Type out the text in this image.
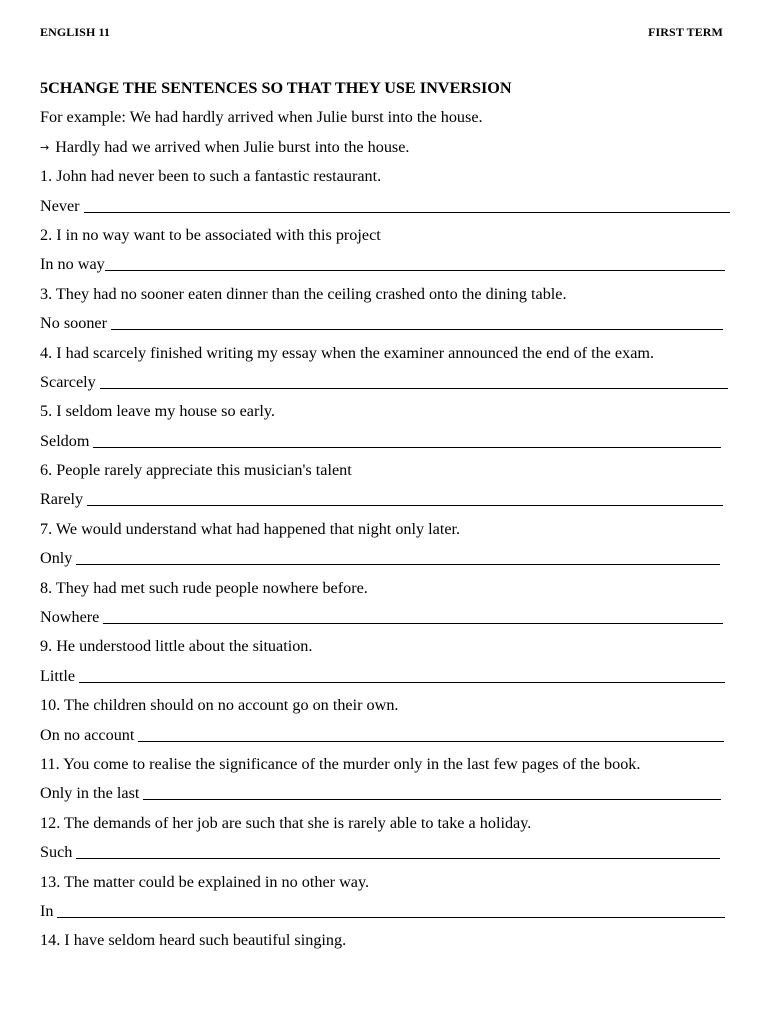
ENGLISH 11	FIRST TERM
5CHANGE THE SENTENCES SO THAT THEY USE INVERSION
For example: We had hardly arrived when Julie burst into the house.
→ Hardly had we arrived when Julie burst into the house.
1. John had never been to such a fantastic restaurant.
Never
2. I in no way want to be associated with this project
In no way
3. They had no sooner eaten dinner than the ceiling crashed onto the dining table.
No sooner
4. I had scarcely finished writing my essay when the examiner announced the end of the exam.
Scarcely
5. I seldom leave my house so early.
Seldom
6. People rarely appreciate this musician's talent
Rarely
7. We would understand what had happened that night only later.
Only
8. They had met such rude people nowhere before.
Nowhere
9. He understood little about the situation.
Little
10. The children should on no account go on their own.
On no account
11. You come to realise the significance of the murder only in the last few pages of the book.
Only in the last
12. The demands of her job are such that she is rarely able to take a holiday.
Such
13. The matter could be explained in no other way.
In
14. I have seldom heard such beautiful singing.
